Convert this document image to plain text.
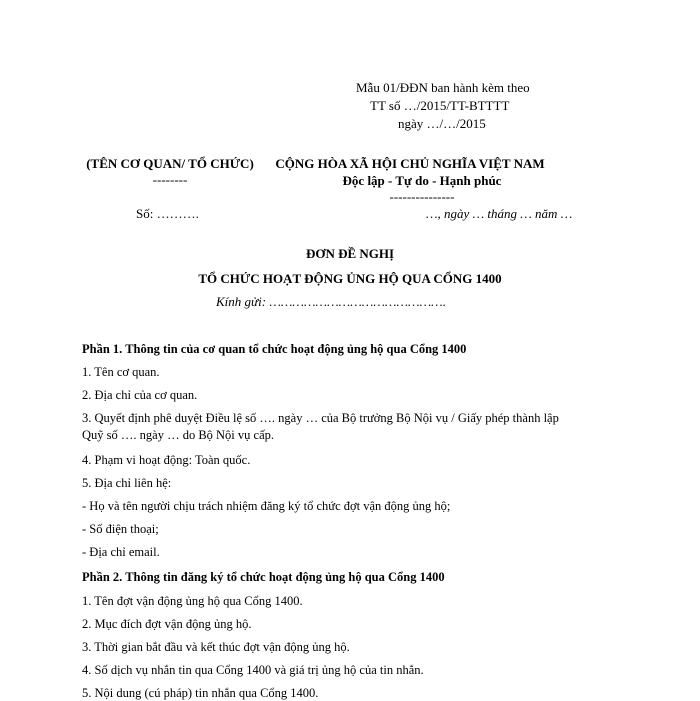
Mẫu 01/ĐĐN ban hành kèm theo
TT số …/2015/TT-BTTTT
ngày …/…/2015
(TÊN CƠ QUAN/ TỔ CHỨC)
--------
Số: ……….
CỘNG HÒA XÃ HỘI CHỦ NGHĨA VIỆT NAM
Độc lập - Tự do - Hạnh phúc
---------------
…, ngày … tháng … năm …
ĐƠN ĐỀ NGHỊ
TỔ CHỨC HOẠT ĐỘNG ỦNG HỘ QUA CỔNG 1400
Kính gửi: ……………………………………….
Phần 1. Thông tin của cơ quan tổ chức hoạt động ủng hộ qua Cổng 1400
1. Tên cơ quan.
2. Địa chỉ của cơ quan.
3. Quyết định phê duyệt Điều lệ số …. ngày … của Bộ trưởng Bộ Nội vụ / Giấy phép thành lập
Quỹ số …. ngày … do Bộ Nội vụ cấp.
4. Phạm vi hoạt động: Toàn quốc.
5. Địa chỉ liên hệ:
- Họ và tên người chịu trách nhiệm đăng ký tổ chức đợt vận động ủng hộ;
- Số điện thoại;
- Địa chỉ email.
Phần 2. Thông tin đăng ký tổ chức hoạt động ủng hộ qua Cổng 1400
1. Tên đợt vận động ủng hộ qua Cổng 1400.
2. Mục đích đợt vận động ủng hộ.
3. Thời gian bắt đầu và kết thúc đợt vận động ủng hộ.
4. Số dịch vụ nhắn tin qua Cổng 1400 và giá trị ủng hộ của tin nhắn.
5. Nội dung (cú pháp) tin nhắn qua Cổng 1400.
